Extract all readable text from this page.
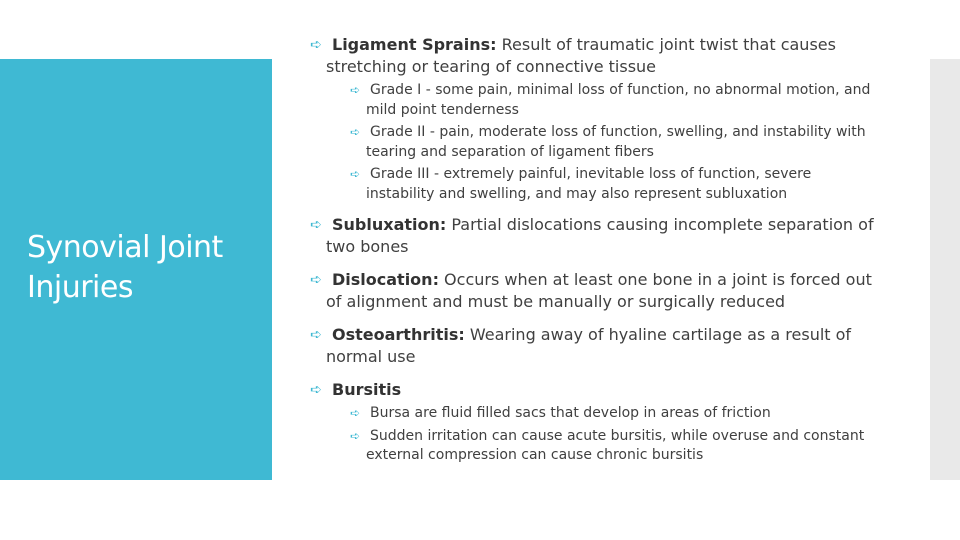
Synovial Joint Injuries
➪ Ligament Sprains: Result of traumatic joint twist that causes stretching or tearing of connective tissue
➪ Grade I - some pain, minimal loss of function, no abnormal motion, and mild point tenderness
➪ Grade II - pain, moderate loss of function, swelling, and instability with tearing and separation of ligament fibers
➪ Grade III - extremely painful, inevitable loss of function, severe instability and swelling, and may also represent subluxation
➪ Subluxation: Partial dislocations causing incomplete separation of two bones
➪ Dislocation: Occurs when at least one bone in a joint is forced out of alignment and must be manually or surgically reduced
➪ Osteoarthritis: Wearing away of hyaline cartilage as a result of normal use
➪ Bursitis
➪ Bursa are fluid filled sacs that develop in areas of friction
➪ Sudden irritation can cause acute bursitis, while overuse and constant external compression can cause chronic bursitis
